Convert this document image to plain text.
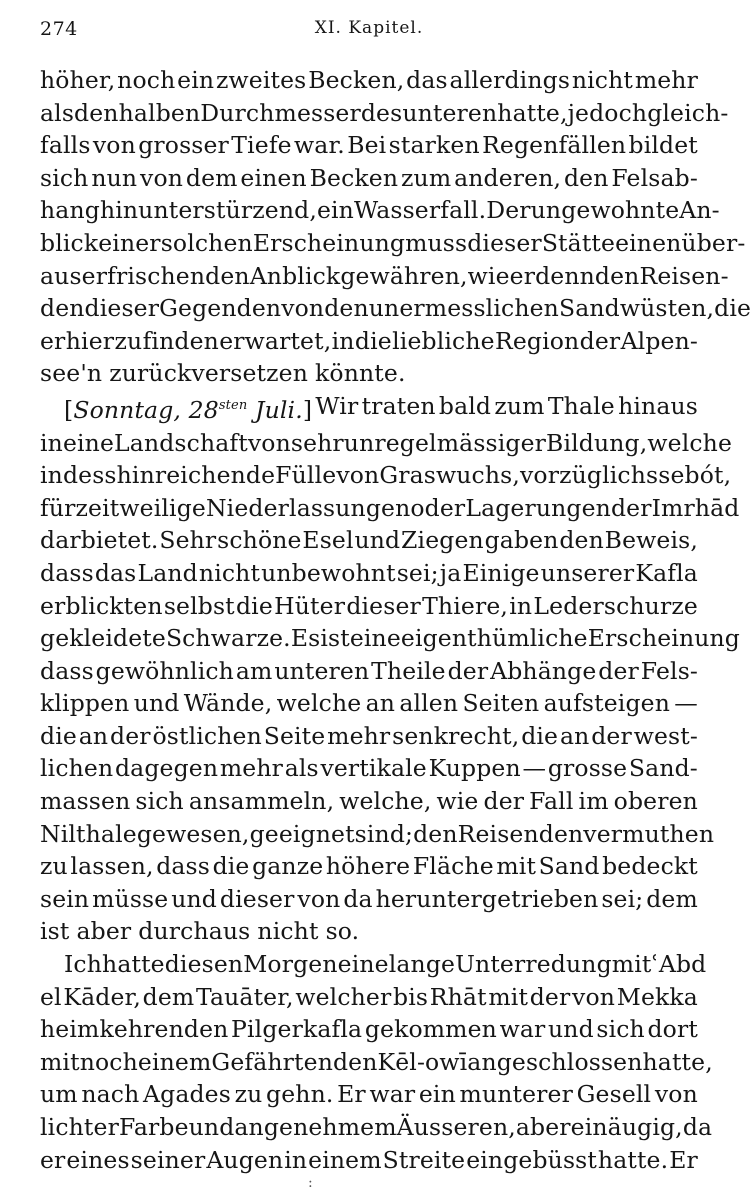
274	XI. Kapitel.
höher, noch ein zweites Becken, das allerdings nicht mehr
als den halben Durchmesser des unteren hatte, jedoch gleich-
falls von grosser Tiefe war. Bei starken Regenfällen bildet
sich nun von dem einen Becken zum anderen, den Felsab-
hang hinunterstürzend, ein Wasserfall. Der ungewohnte An-
blick einer solchen Erscheinung muss dieser Stätte einen über-
aus erfrischenden Anblick gewähren, wie er denn den Reisen-
den dieser Gegenden von den unermesslichen Sandwüsten, die
er hier zu finden erwartet, in die liebliche Region der Alpen-
see'n zurückversetzen könnte.
[Sonntag, $28^{sten}$ Juli.] Wir traten bald zum Thale hinaus
in eine Landschaft von sehr unregelmässiger Bildung, welche
indess hinreichende Fülle von Graswuchs, vorzüglich ssebót,
für zeitweilige Niederlassungen oder Lagerungen der Imrhād
darbietet. Sehr schöne Esel und Ziegen gaben den Beweis,
dass das Land nicht unbewohnt sei; ja Einige unserer Kafla
erblickten selbst die Hüter dieser Thiere, in Lederschurze
gekleidete Schwarze. Es ist eine eigenthümliche Erscheinung
dass gewöhnlich am unteren Theile der Abhänge der Fels-
klippen und Wände, welche an allen Seiten aufsteigen —
die an der östlichen Seite mehr senkrecht, die an der west-
lichen dagegen mehr als vertikale Kuppen — grosse Sand-
massen sich ansammeln, welche, wie der Fall im oberen
Nilthale gewesen, geeignet sind; den Reisenden vermuthen
zu lassen, dass die ganze höhere Fläche mit Sand bedeckt
sein müsse und dieser von da heruntergetrieben sei; dem
ist aber durchaus nicht so.
Ich hatte diesen Morgen eine lange Unterredung mit ʿAbd
el Kāder, dem Tauāter, welcher bis Rhāt mit der von Mekka
heimkehrenden Pilgerkafla gekommen war und sich dort
mit noch einem Gefährten den Kēl-owī angeschlossen hatte,
um nach Agades zu gehn. Er war ein munterer Gesell von
lichter Farbe und angenehmem Äusseren, aber einäugig, da
er eines seiner Augen in einem Streite eingebüsst hatte. Er
:
